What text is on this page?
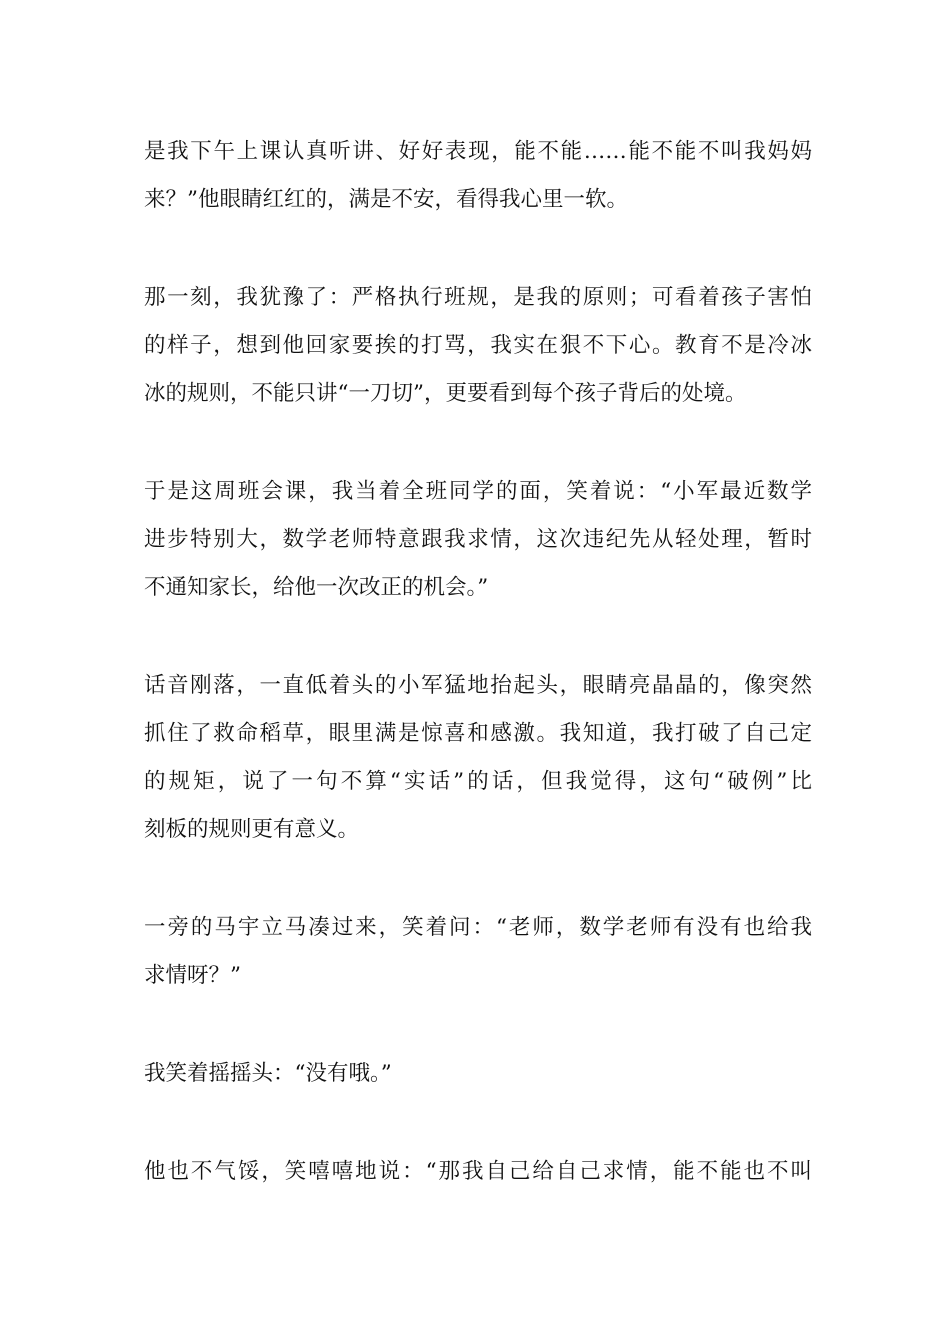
是我下午上课认真听讲、好好表现，能不能……能不能不叫我妈妈
来？”他眼睛红红的，满是不安，看得我心里一软。
那一刻，我犹豫了：严格执行班规，是我的原则；可看着孩子害怕
的样子，想到他回家要挨的打骂，我实在狠不下心。教育不是冷冰
冰的规则，不能只讲“一刀切”，更要看到每个孩子背后的处境。
于是这周班会课，我当着全班同学的面，笑着说：“小军最近数学
进步特别大，数学老师特意跟我求情，这次违纪先从轻处理，暂时
不通知家长，给他一次改正的机会。”
话音刚落，一直低着头的小军猛地抬起头，眼睛亮晶晶的，像突然
抓住了救命稻草，眼里满是惊喜和感激。我知道，我打破了自己定
的规矩，说了一句不算“实话”的话，但我觉得，这句“破例”比
刻板的规则更有意义。
一旁的马宇立马凑过来，笑着问：“老师，数学老师有没有也给我
求情呀？”
我笑着摇摇头：“没有哦。”
他也不气馁，笑嘻嘻地说：“那我自己给自己求情，能不能也不叫
